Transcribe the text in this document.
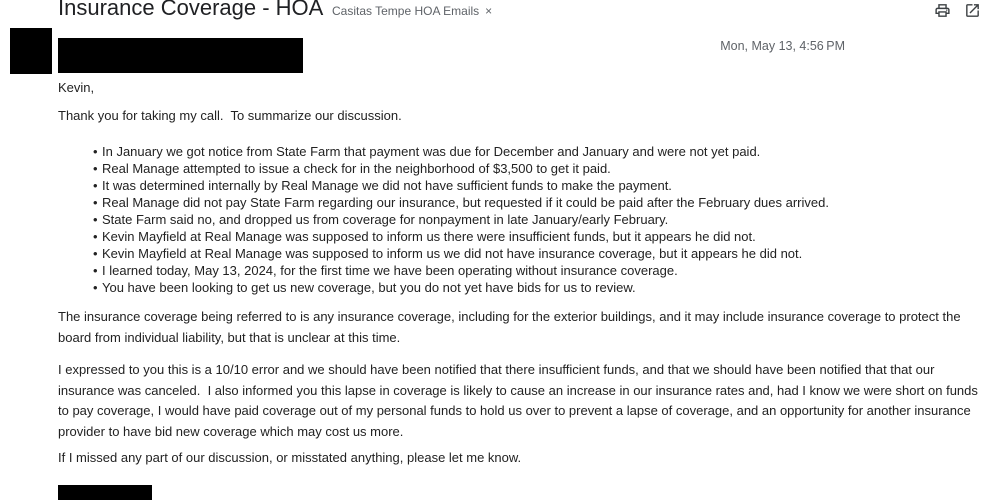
Insurance Coverage - HOA Casitas Tempe HOA Emails ×
Mon, May 13, 4:56 PM

Kevin,

Thank you for taking my call.  To summarize our discussion.

• In January we got notice from State Farm that payment was due for December and January and were not yet paid.
• Real Manage attempted to issue a check for in the neighborhood of $3,500 to get it paid.
• It was determined internally by Real Manage we did not have sufficient funds to make the payment.
• Real Manage did not pay State Farm regarding our insurance, but requested if it could be paid after the February dues arrived.
• State Farm said no, and dropped us from coverage for nonpayment in late January/early February.
• Kevin Mayfield at Real Manage was supposed to inform us there were insufficient funds, but it appears he did not.
• Kevin Mayfield at Real Manage was supposed to inform us we did not have insurance coverage, but it appears he did not.
• I learned today, May 13, 2024, for the first time we have been operating without insurance coverage.
• You have been looking to get us new coverage, but you do not yet have bids for us to review.

The insurance coverage being referred to is any insurance coverage, including for the exterior buildings, and it may include insurance coverage to protect the board from individual liability, but that is unclear at this time.

I expressed to you this is a 10/10 error and we should have been notified that there insufficient funds, and that we should have been notified that that our insurance was canceled.  I also informed you this lapse in coverage is likely to cause an increase in our insurance rates and, had I know we were short on funds to pay coverage, I would have paid coverage out of my personal funds to hold us over to prevent a lapse of coverage, and an opportunity for another insurance provider to have bid new coverage which may cost us more.

If I missed any part of our discussion, or misstated anything, please let me know.
